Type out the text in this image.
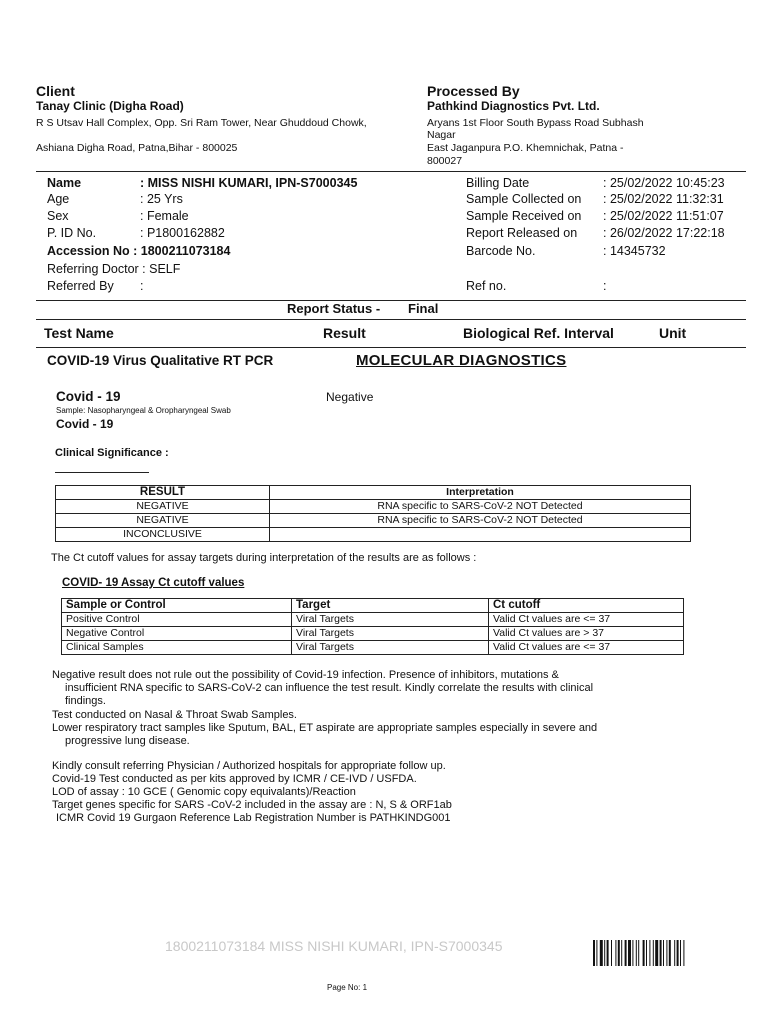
Client
Tanay Clinic (Digha Road)
R S Utsav Hall Complex, Opp. Sri Ram Tower, Near Ghuddoud Chowk,
Ashiana Digha Road, Patna,Bihar - 800025
Processed By
Pathkind Diagnostics Pvt. Ltd.
Aryans 1st Floor South Bypass Road Subhash
Nagar
East Jaganpura P.O. Khemnichak, Patna -
800027
Name	: MISS NISHI KUMARI, IPN-S7000345
Age	: 25 Yrs
Sex	: Female
P. ID No.	: P1800162882
Accession No : 1800211073184
Referring Doctor : SELF
Referred By :
Billing Date	: 25/02/2022 10:45:23
Sample Collected on : 25/02/2022 11:32:31
Sample Received on : 25/02/2022 11:51:07
Report Released on : 26/02/2022 17:22:18
Barcode No.	: 14345732
Ref no.	:
Report Status - Final
Test Name	Result	Biological Ref. Interval	Unit
COVID-19 Virus Qualitative RT PCR	MOLECULAR DIAGNOSTICS
Covid - 19
Sample: Nasopharyngeal & Oropharyngeal Swab
Covid - 19
Negative
Clinical Significance :
RESULT	Interpretation
NEGATIVE	RNA specific to SARS-CoV-2 NOT Detected
NEGATIVE	RNA specific to SARS-CoV-2 NOT Detected
INCONCLUSIVE	
The Ct cutoff values for assay targets during interpretation of the results are as follows :
COVID- 19 Assay Ct cutoff values
Sample or Control	Target	Ct cutoff
Positive Control	Viral Targets	Valid Ct values are <= 37
Negative Control	Viral Targets	Valid Ct values are > 37
Clinical Samples	Viral Targets	Valid Ct values are <= 37
Negative result does not rule out the possibility of Covid-19 infection. Presence of inhibitors, mutations &
insufficient RNA specific to SARS-CoV-2 can influence the test result. Kindly correlate the results with clinical
findings.
Test conducted on Nasal & Throat Swab Samples.
Lower respiratory tract samples like Sputum, BAL, ET aspirate are appropriate samples especially in severe and
progressive lung disease.
Kindly consult referring Physician / Authorized hospitals for appropriate follow up.
Covid-19 Test conducted as per kits approved by ICMR / CE-IVD / USFDA.
LOD of assay : 10 GCE ( Genomic copy equivalants)/Reaction
Target genes specific for SARS -CoV-2 included in the assay are : N, S & ORF1ab
ICMR Covid 19 Gurgaon Reference Lab Registration Number is PATHKINDG001
1800211073184 MISS NISHI KUMARI, IPN-S7000345
Page No: 1
